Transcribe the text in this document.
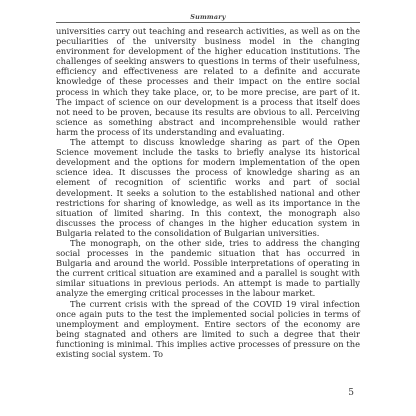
Summary

universities carry out teaching and research activities, as well as on the peculiarities of the university business model in the changing environment for development of the higher education institutions. The challenges of seeking answers to questions in terms of their usefulness, efficiency and effectiveness are related to a definite and accurate knowledge of these processes and their impact on the entire social process in which they take place, or, to be more precise, are part of it. The impact of science on our development is a process that itself does not need to be proven, because its results are obvious to all. Perceiving science as something abstract and incomprehensible would rather harm the process of its understanding and evaluating.

The attempt to discuss knowledge sharing as part of the Open Science movement include the tasks to briefly analyse its historical development and the options for modern implementation of the open science idea. It discusses the process of knowledge sharing as an element of recognition of scientific works and part of social development. It seeks a solution to the established national and other restrictions for sharing of knowledge, as well as its importance in the situation of limited sharing. In this context, the monograph also discusses the process of changes in the higher education system in Bulgaria related to the consolidation of Bulgarian universities.

The monograph, on the other side, tries to address the changing social processes in the pandemic situation that has occurred in Bulgaria and around the world. Possible interpretations of operating in the current critical situation are examined and a parallel is sought with similar situations in previous periods. An attempt is made to partially analyze the emerging critical processes in the labour market.

The current crisis with the spread of the COVID 19 viral infection once again puts to the test the implemented social policies in terms of unemployment and employment. Entire sectors of the economy are being stagnated and others are limited to such a degree that their functioning is minimal. This implies active processes of pressure on the existing social system. To

5
